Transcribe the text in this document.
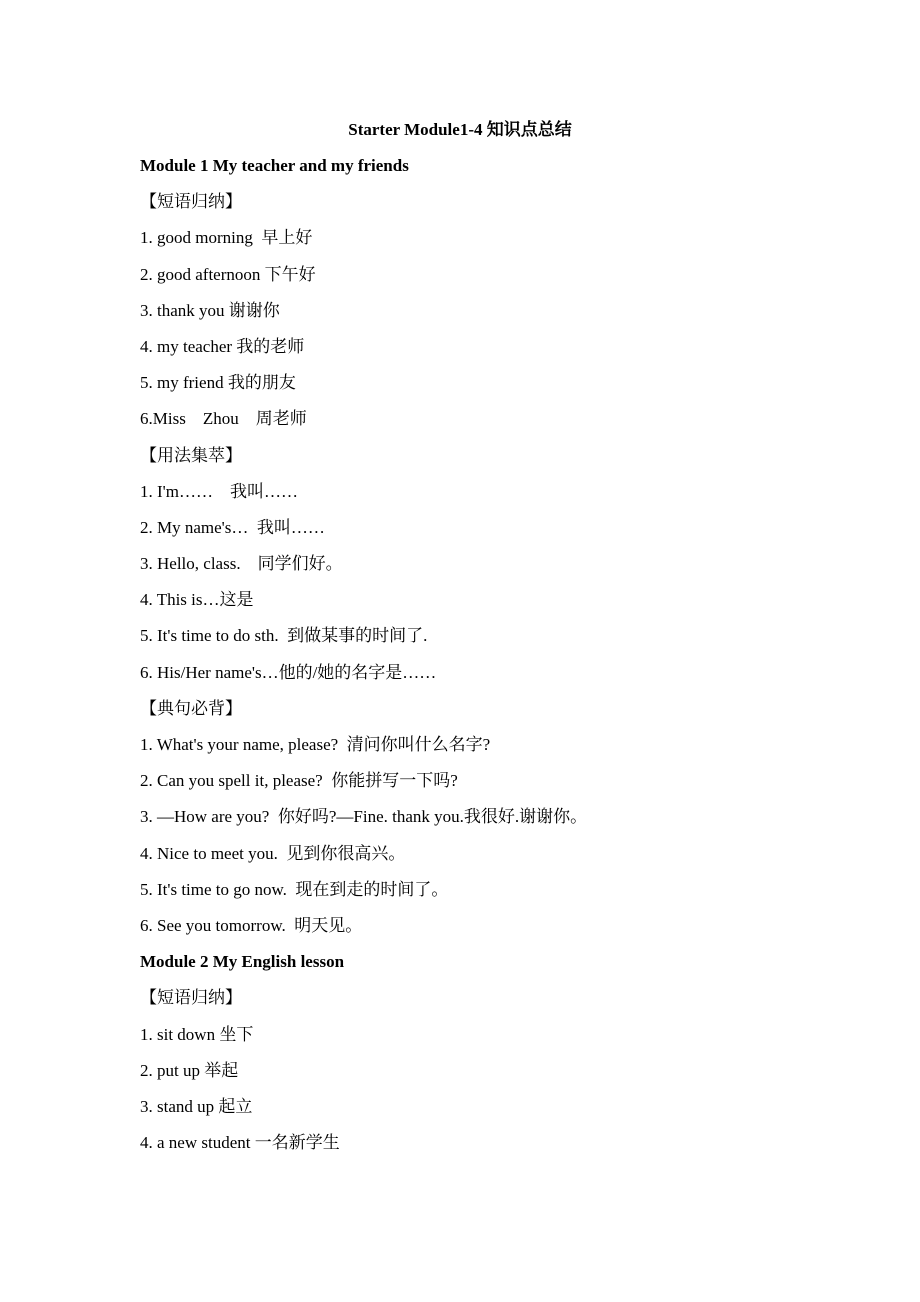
Starter Module1-4 知识点总结
Module 1 My teacher and my friends
【短语归纳】
1. good morning  早上好
2. good afternoon 下午好
3. thank you 谢谢你
4. my teacher 我的老师
5. my friend 我的朋友
6.Miss    Zhou    周老师
【用法集萃】
1. I'm……    我叫……
2. My name's…  我叫……
3. Hello, class.    同学们好。
4. This is…这是
5. It's time to do sth.  到做某事的时间了.
6. His/Her name's…他的/她的名字是……
【典句必背】
1. What's your name, please?  清问你叫什么名字?
2. Can you spell it, please?  你能拼写一下吗?
3. —How are you?  你好吗?—Fine. thank you.我很好.谢谢你。
4. Nice to meet you.  见到你很高兴。
5. It's time to go now.  现在到走的时间了。
6. See you tomorrow.  明天见。
Module 2 My English lesson
【短语归纳】
1. sit down 坐下
2. put up 举起
3. stand up 起立
4. a new student 一名新学生
